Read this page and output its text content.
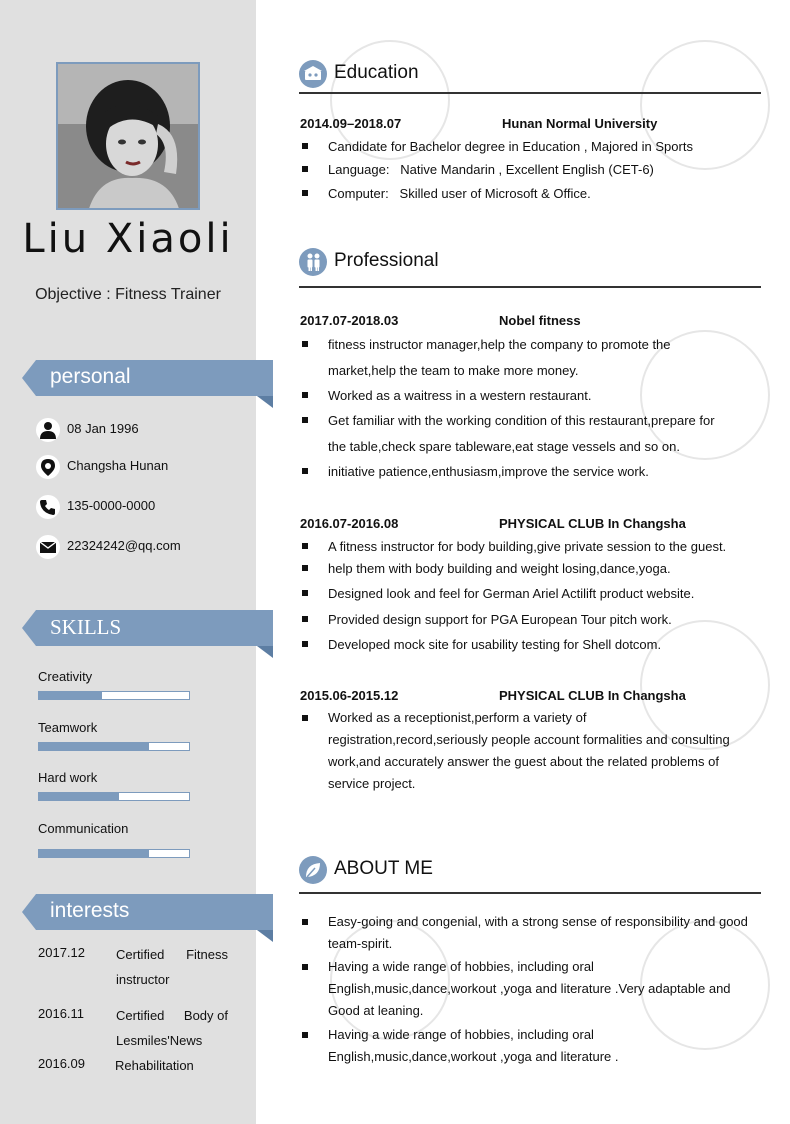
Liu Xiaoli
Objective : Fitness Trainer
personal
08 Jan 1996
Changsha Hunan
135-0000-0000
22324242@qq.com
SKILLS
Creativity
Teamwork
Hard work
Communication
interests
2017.12 Certified Fitness
instructor
2016.11 Certified Body of
Lesmiles'News
2016.09 Rehabilitation
Education
2014.09–2018.07	Hunan Normal University
Candidate for Bachelor degree in Education , Majored in Sports
Language:   Native Mandarin , Excellent English (CET-6)
Computer:   Skilled user of Microsoft & Office.
Professional
2017.07-2018.03	Nobel fitness
fitness instructor manager,help the company to promote the
market,help the team to make more money.
Worked as a waitress in a western restaurant.
Get familiar with the working condition of this restaurant,prepare for
the table,check spare tableware,eat stage vessels and so on.
initiative patience,enthusiasm,improve the service work.
2016.07-2016.08	PHYSICAL CLUB In Changsha
A fitness instructor for body building,give private session to the guest.
help them with body building and weight losing,dance,yoga.
Designed look and feel for German Ariel Actilift product website.
Provided design support for PGA European Tour pitch work.
Developed mock site for usability testing for Shell dotcom.
2015.06-2015.12	PHYSICAL CLUB In Changsha
Worked as a receptionist,perform a variety of
registration,record,seriously people account formalities and consulting
work,and accurately answer the guest about the related problems of
service project.
ABOUT ME
Easy-going and congenial, with a strong sense of responsibility and good
team-spirit.
Having a wide range of hobbies, including oral
English,music,dance,workout ,yoga and literature .Very adaptable and
Good at leaning.
Having a wide range of hobbies, including oral
English,music,dance,workout ,yoga and literature .
